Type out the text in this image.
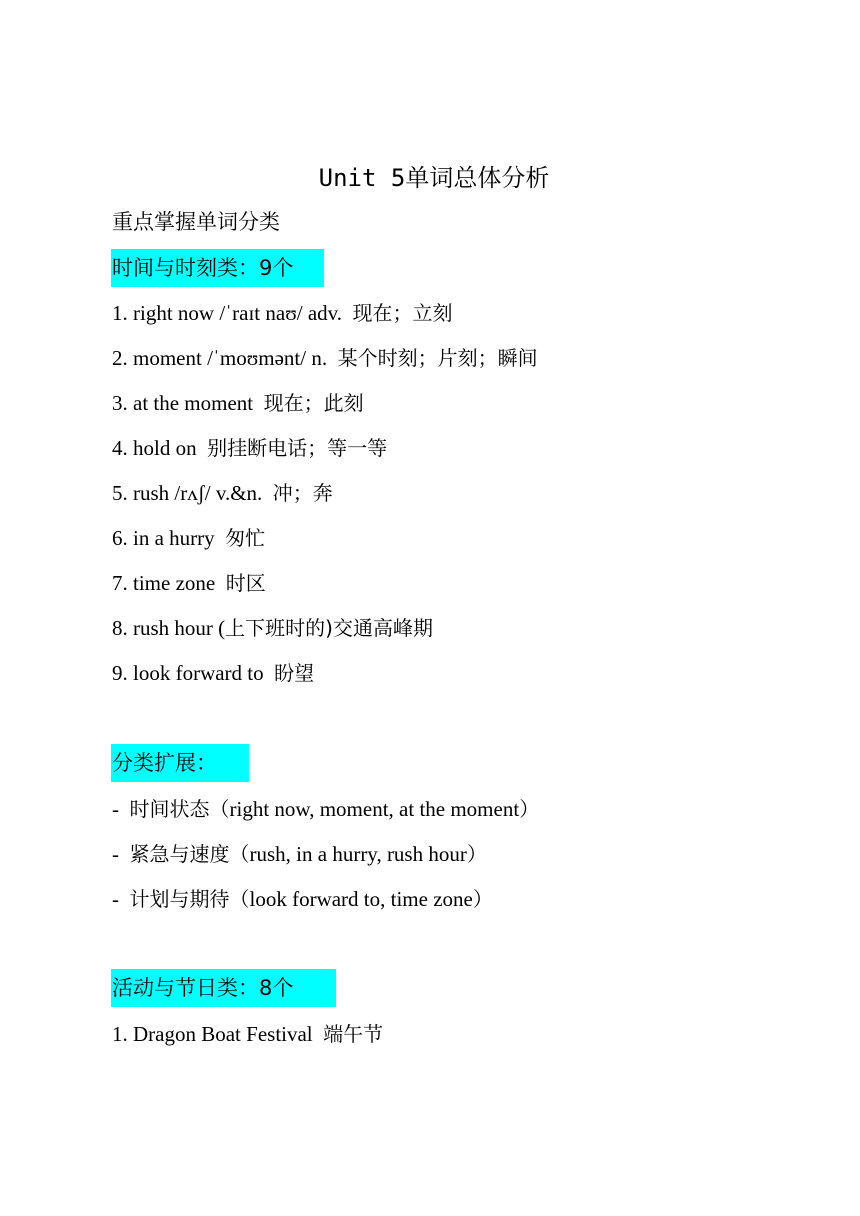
Unit 5单词总体分析
重点掌握单词分类
时间与时刻类：9个
1. right now /ˈraɪt naʊ/ adv. 现在；立刻
2. moment /ˈmoʊmənt/ n. 某个时刻；片刻；瞬间
3. at the moment 现在；此刻
4. hold on 别挂断电话；等一等
5. rush /rʌʃ/ v.&n. 冲；奔
6. in a hurry 匆忙
7. time zone 时区
8. rush hour (上下班时的)交通高峰期
9. look forward to 盼望
分类扩展：
- 时间状态（right now, moment, at the moment）
- 紧急与速度（rush, in a hurry, rush hour）
- 计划与期待（look forward to, time zone）
活动与节日类：8个
1. Dragon Boat Festival 端午节
